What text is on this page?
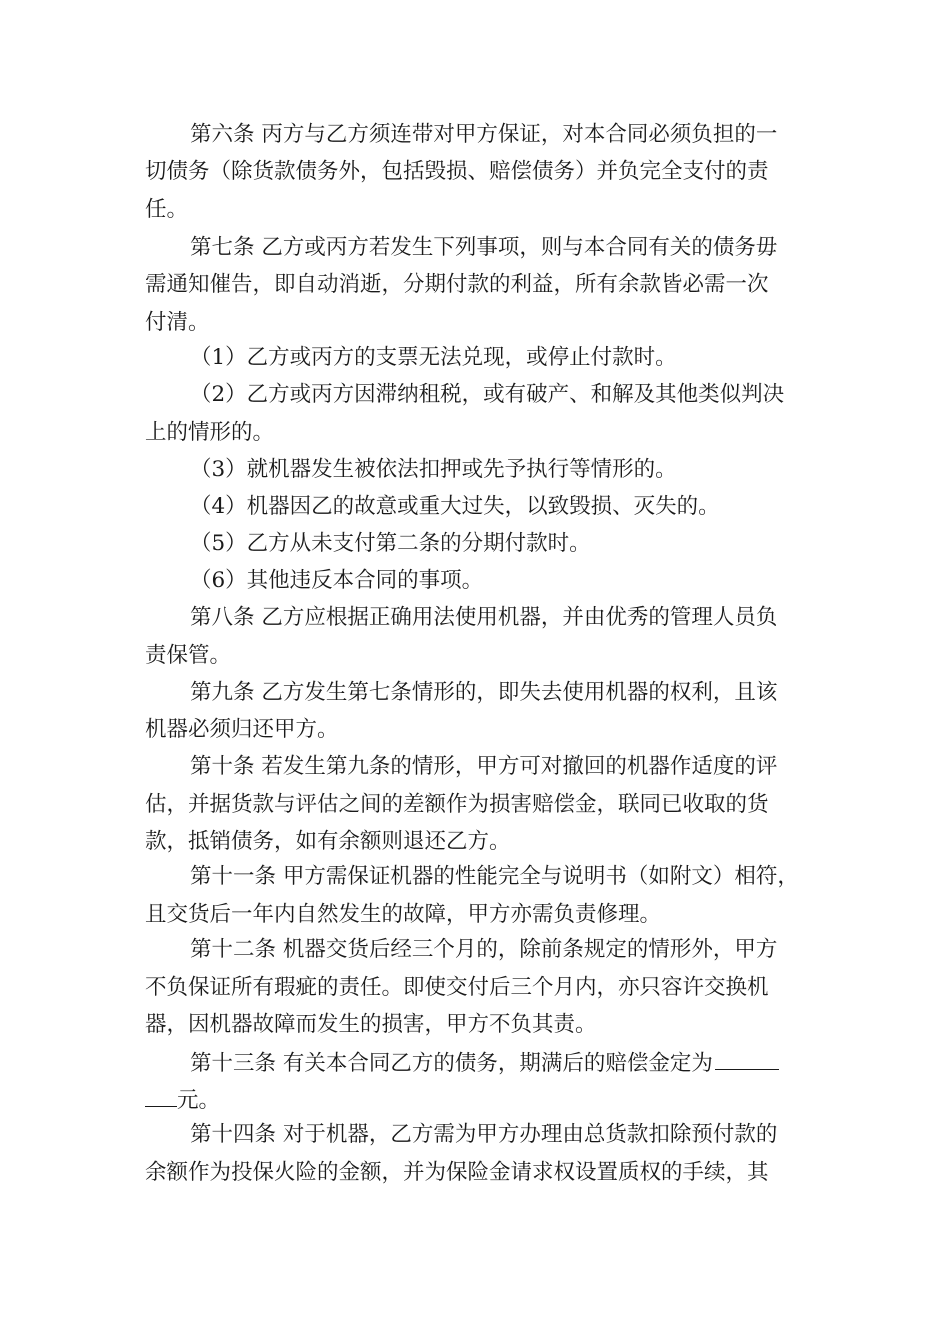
第六条 丙方与乙方须连带对甲方保证，对本合同必须负担的一
切债务（除货款债务外，包括毁损、赔偿债务）并负完全支付的责
任。
第七条 乙方或丙方若发生下列事项，则与本合同有关的债务毋
需通知催告，即自动消逝，分期付款的利益，所有余款皆必需一次
付清。
（1）乙方或丙方的支票无法兑现，或停止付款时。
（2）乙方或丙方因滞纳租税，或有破产、和解及其他类似判决
上的情形的。
（3）就机器发生被依法扣押或先予执行等情形的。
（4）机器因乙的故意或重大过失，以致毁损、灭失的。
（5）乙方从未支付第二条的分期付款时。
（6）其他违反本合同的事项。
第八条 乙方应根据正确用法使用机器，并由优秀的管理人员负
责保管。
第九条 乙方发生第七条情形的，即失去使用机器的权利，且该
机器必须归还甲方。
第十条 若发生第九条的情形，甲方可对撤回的机器作适度的评
估，并据货款与评估之间的差额作为损害赔偿金，联同已收取的货
款，抵销债务，如有余额则退还乙方。
第十一条 甲方需保证机器的性能完全与说明书（如附文）相符，
且交货后一年内自然发生的故障，甲方亦需负责修理。
第十二条 机器交货后经三个月的，除前条规定的情形外，甲方
不负保证所有瑕疵的责任。即使交付后三个月内，亦只容许交换机
器，因机器故障而发生的损害，甲方不负其责。
第十三条 有关本合同乙方的债务，期满后的赔偿金定为
元。
第十四条 对于机器，乙方需为甲方办理由总货款扣除预付款的
余额作为投保火险的金额，并为保险金请求权设置质权的手续，其
